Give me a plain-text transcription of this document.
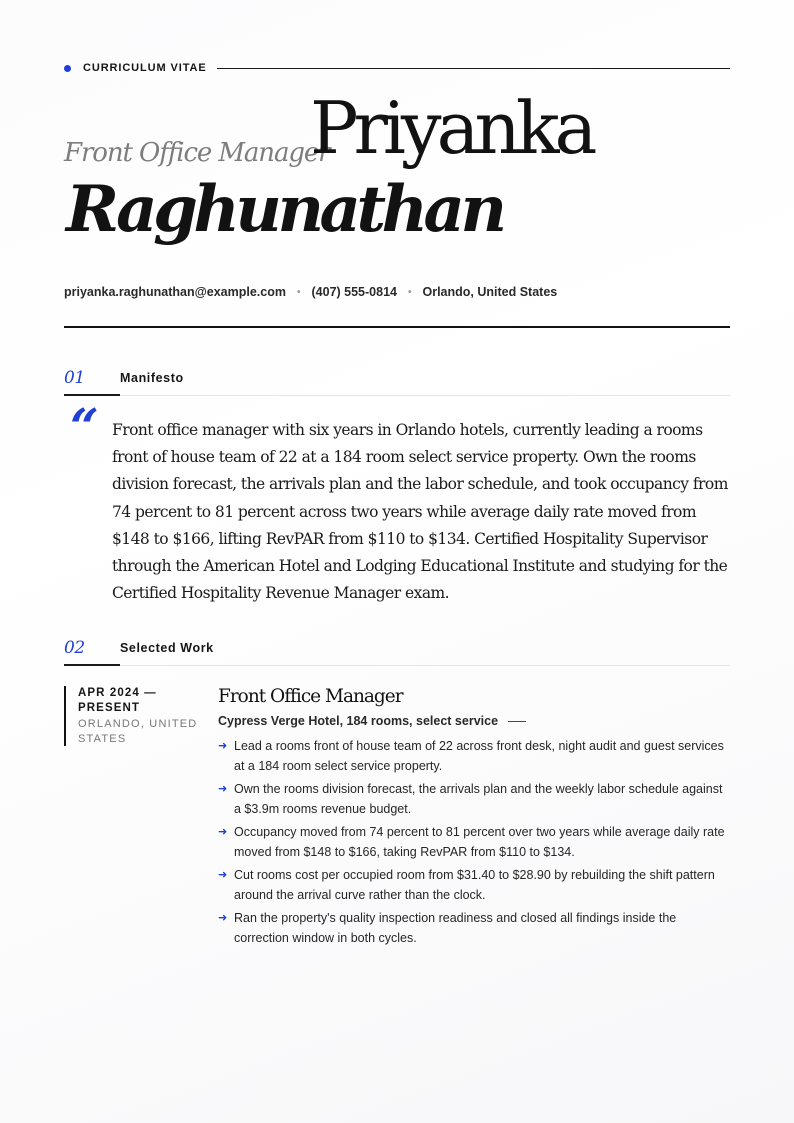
CURRICULUM VITAE
Front Office Manager
Priyanka
Raghunathan
priyanka.raghunathan@example.com • (407) 555-0814 • Orlando, United States
01	Manifesto
“ Front office manager with six years in Orlando hotels, currently leading a rooms front of house team of 22 at a 184 room select service property. Own the rooms division forecast, the arrivals plan and the labor schedule, and took occupancy from 74 percent to 81 percent across two years while average daily rate moved from $148 to $166, lifting RevPAR from $110 to $134. Certified Hospitality Supervisor through the American Hotel and Lodging Educational Institute and studying for the Certified Hospitality Revenue Manager exam.

02	Selected Work
APR 2024 — PRESENT
ORLANDO, UNITED STATES
Front Office Manager
Cypress Verge Hotel, 184 rooms, select service
➜ Lead a rooms front of house team of 22 across front desk, night audit and guest services at a 184 room select service property.
➜ Own the rooms division forecast, the arrivals plan and the weekly labor schedule against a $3.9m rooms revenue budget.
➜ Occupancy moved from 74 percent to 81 percent over two years while average daily rate moved from $148 to $166, taking RevPAR from $110 to $134.
➜ Cut rooms cost per occupied room from $31.40 to $28.90 by rebuilding the shift pattern around the arrival curve rather than the clock.
➜ Ran the property's quality inspection readiness and closed all findings inside the correction window in both cycles.
